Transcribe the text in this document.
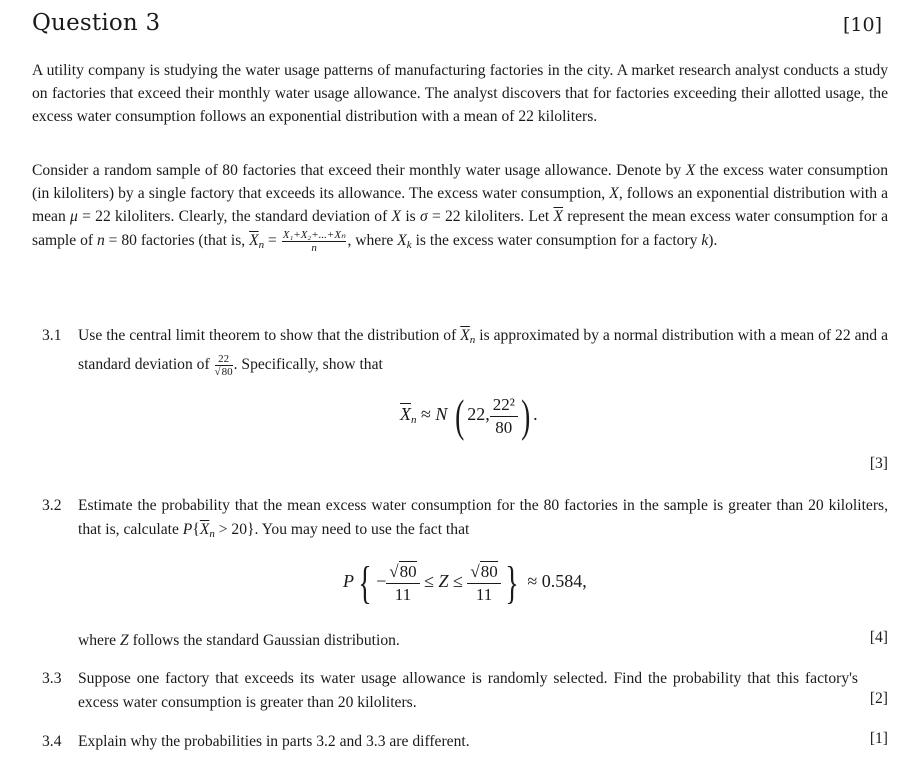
Question 3	[10]
A utility company is studying the water usage patterns of manufacturing factories in the city. A market research analyst conducts a study on factories that exceed their monthly water usage allowance. The analyst discovers that for factories exceeding their allotted usage, the excess water consumption follows an exponential distribution with a mean of 22 kiloliters.
Consider a random sample of 80 factories that exceed their monthly water usage allowance. Denote by X the excess water consumption (in kiloliters) by a single factory that exceeds its allowance. The excess water consumption, X, follows an exponential distribution with a mean μ = 22 kiloliters. Clearly, the standard deviation of X is σ = 22 kiloliters. Let $\overline{X}$ represent the mean excess water consumption for a sample of n = 80 factories (that is, $\overline{X}_n = \frac{\text{X₁+X₂+...+Xₙ}}{n}$ , where $X_k$ is the excess water consumption for a factory k).
3.1 Use the central limit theorem to show that the distribution of $\overline{X}_n$ is approximated by a normal distribution with a mean of 22 and a standard deviation of $\frac{22}{√80}$ . Specifically, show that
$\overline{X}_n \approx N$ ( 22, $\frac{\text{22²}}{80}$ ) .
[3]
3.2 Estimate the probability that the mean excess water consumption for the 80 factories in the sample is greater than 20 kiloliters, that is, calculate $P\{\overline{X}_n > 20\}$. You may need to use the fact that
$P\{ - \frac{√80}{11} \le Z \le \frac{√80}{11}$ } ≈ 0.584,
where Z follows the standard Gaussian distribution.	[4]
3.3 Suppose one factory that exceeds its water usage allowance is randomly selected. Find the probability that this factory's excess water consumption is greater than 20 kiloliters.	[2]
3.4 Explain why the probabilities in parts 3.2 and 3.3 are different.	[1]
